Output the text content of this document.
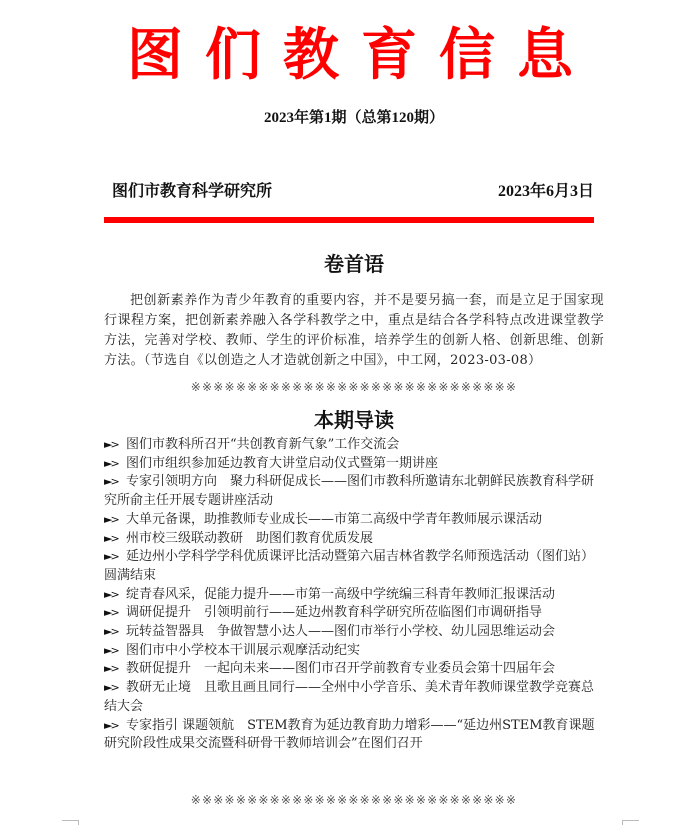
图们教育信息
2023年第1期（总第120期）
图们市教育科学研究所	2023年6月3日
卷首语
把创新素养作为青少年教育的重要内容，并不是要另搞一套，而是立足于国家现行课程方案，把创新素养融入各学科教学之中，重点是结合各学科特点改进课堂教学方法，完善对学校、教师、学生的评价标准，培养学生的创新人格、创新思维、创新方法。（节选自《以创造之人才造就创新之中国》，中工网，2023-03-08）
※※※※※※※※※※※※※※※※※※※※※※※※※※※※※
本期导读
►> 图们市教科所召开“共创教育新气象”工作交流会
►> 图们市组织参加延边教育大讲堂启动仪式暨第一期讲座
►> 专家引领明方向　聚力科研促成长——图们市教科所邀请东北朝鲜民族教育科学研究所俞主任开展专题讲座活动
►> 大单元备课，助推教师专业成长——市第二高级中学青年教师展示课活动
►> 州市校三级联动教研　助图们教育优质发展
►> 延边州小学科学学科优质课评比活动暨第六届吉林省教学名师预选活动（图们站）圆满结束
►> 绽青春风采，促能力提升——市第一高级中学统编三科青年教师汇报课活动
►> 调研促提升　引领明前行——延边州教育科学研究所莅临图们市调研指导
►> 玩转益智器具　争做智慧小达人——图们市举行小学校、幼儿园思维运动会
►> 图们市中小学校本干训展示观摩活动纪实
►> 教研促提升　一起向未来——图们市召开学前教育专业委员会第十四届年会
►> 教研无止境　且歌且画且同行——全州中小学音乐、美术青年教师课堂教学竞赛总结大会
►> 专家指引 课题领航　STEM教育为延边教育助力增彩——“延边州STEM教育课题研究阶段性成果交流暨科研骨干教师培训会”在图们召开
※※※※※※※※※※※※※※※※※※※※※※※※※※※※※
